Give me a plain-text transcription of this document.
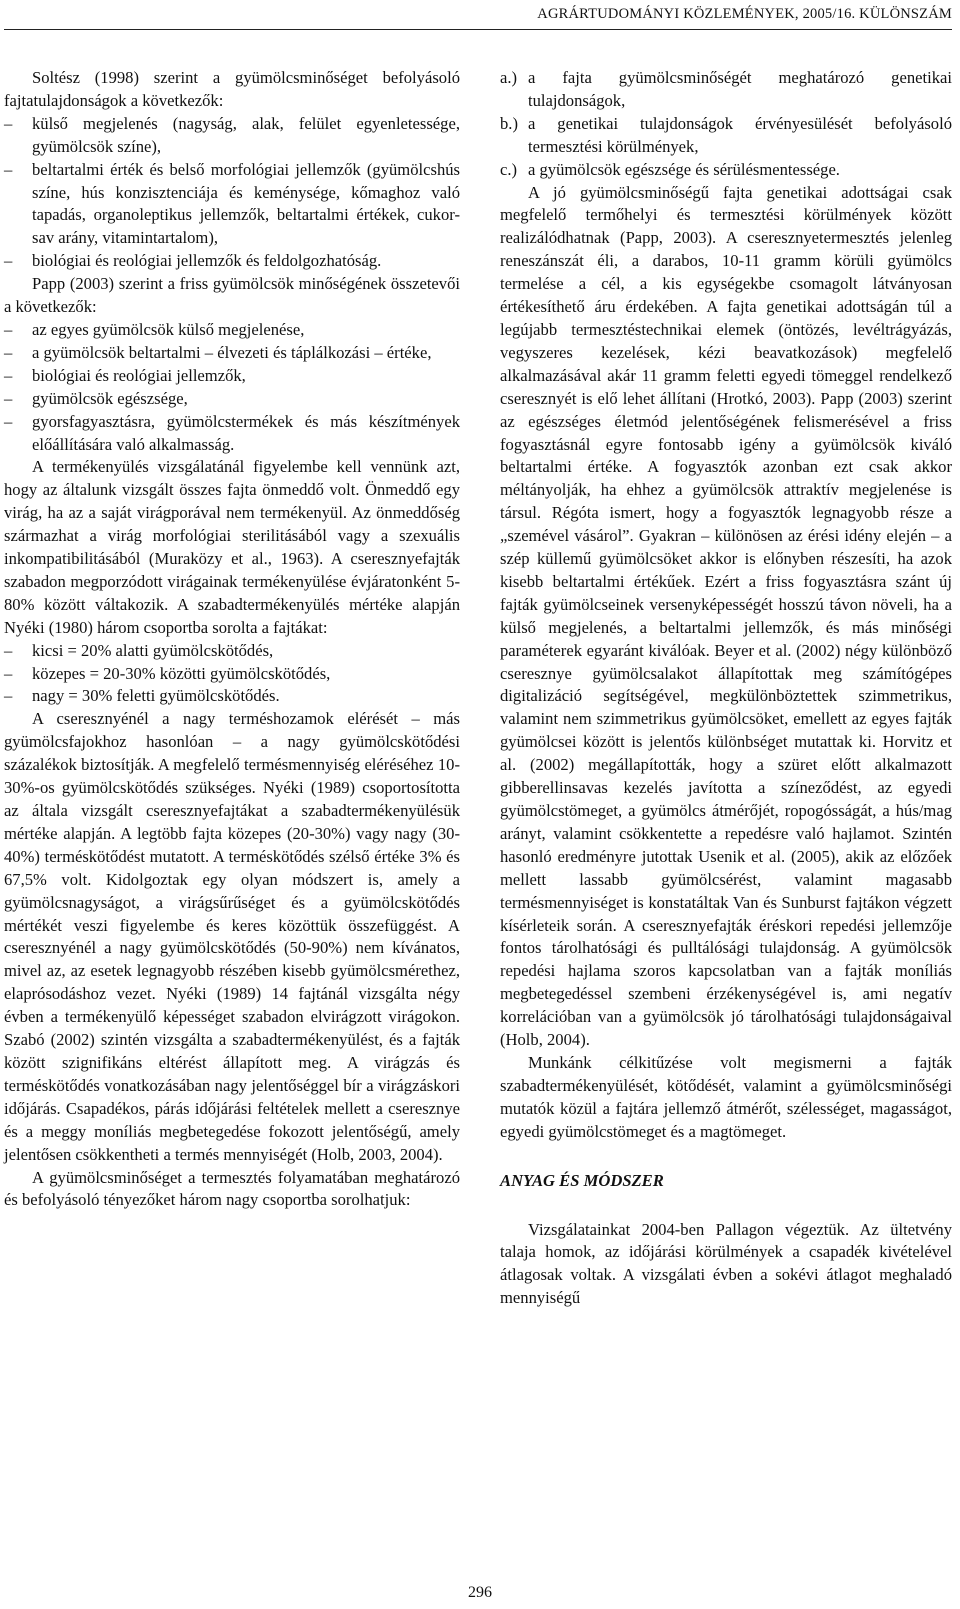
AGRÁRTUDOMÁNYI KÖZLEMÉNYEK, 2005/16. KÜLÖNSZÁM

Soltész (1998) szerint a gyümölcsminőséget befolyásoló fajtatulajdonságok a következők:

– külső megjelenés (nagyság, alak, felület egyenletessége, gyümölcsök színe),
– beltartalmi érték és belső morfológiai jellemzők (gyümölcshús színe, hús konzisztenciája és keménysége, kőmaghoz való tapadás, organoleptikus jellemzők, beltartalmi értékek, cukor-sav arány, vitamintartalom),
– biológiai és reológiai jellemzők és feldolgozhatóság.

Papp (2003) szerint a friss gyümölcsök minőségének összetevői a következők:

– az egyes gyümölcsök külső megjelenése,
– a gyümölcsök beltartalmi – élvezeti és táplálkozási – értéke,
– biológiai és reológiai jellemzők,
– gyümölcsök egészsége,
– gyorsfagyasztásra, gyümölcstermékek és más készítmények előállítására való alkalmasság.

A termékenyülés vizsgálatánál figyelembe kell vennünk azt, hogy az általunk vizsgált összes fajta önmeddő volt. Önmeddő egy virág, ha az a saját virágporával nem termékenyül. Az önmeddőség származhat a virág morfológiai sterilitásából vagy a szexuális inkompatibilitásából (Muraközy et al., 1963). A cseresznyefajták szabadon megporzódott virágainak termékenyülése évjáratonként 5-80% között váltakozik. A szabadtermékenyülés mértéke alapján Nyéki (1980) három csoportba sorolta a fajtákat:

– kicsi = 20% alatti gyümölcskötődés,
– közepes = 20-30% közötti gyümölcskötődés,
– nagy = 30% feletti gyümölcskötődés.

A cseresznyénél a nagy terméshozamok elérését – más gyümölcsfajokhoz hasonlóan – a nagy gyümölcskötődési százalékok biztosítják. A megfelelő termésmennyiség eléréséhez 10-30%-os gyümölcskötődés szükséges. Nyéki (1989) csoportosította az általa vizsgált cseresznyefajtákat a szabadtermékenyülésük mértéke alapján. A legtöbb fajta közepes (20-30%) vagy nagy (30-40%) terméskötődést mutatott. A terméskötődés szélső értéke 3% és 67,5% volt. Kidolgoztak egy olyan módszert is, amely a gyümölcsnagyságot, a virágsűrűséget és a gyümölcskötődés mértékét veszi figyelembe és keres közöttük összefüggést. A cseresznyénél a nagy gyümölcskötődés (50-90%) nem kívánatos, mivel az, az esetek legnagyobb részében kisebb gyümölcsmérethez, elaprósodáshoz vezet. Nyéki (1989) 14 fajtánál vizsgálta négy évben a termékenyülő képességet szabadon elvirágzott virágokon. Szabó (2002) szintén vizsgálta a szabadtermékenyülést, és a fajták között szignifikáns eltérést állapított meg. A virágzás és terméskötődés vonatkozásában nagy jelentőséggel bír a virágzáskori időjárás. Csapadékos, párás időjárási feltételek mellett a cseresznye és a meggy moníliás megbetegedése fokozott jelentőségű, amely jelentősen csökkentheti a termés mennyiségét (Holb, 2003, 2004).

A gyümölcsminőséget a termesztés folyamatában meghatározó és befolyásoló tényezőket három nagy csoportba sorolhatjuk:

a.) a fajta gyümölcsminőségét meghatározó genetikai tulajdonságok,
b.) a genetikai tulajdonságok érvényesülését befolyásoló termesztési körülmények,
c.) a gyümölcsök egészsége és sérülésmentessége.

A jó gyümölcsminőségű fajta genetikai adottságai csak megfelelő termőhelyi és termesztési körülmények között realizálódhatnak (Papp, 2003). A cseresznyetermesztés jelenleg reneszánszát éli, a darabos, 10-11 gramm körüli gyümölcs termelése a cél, a kis egységekbe csomagolt látványosan értékesíthető áru érdekében. A fajta genetikai adottságán túl a legújabb termesztéstechnikai elemek (öntözés, levéltrágyázás, vegyszeres kezelések, kézi beavatkozások) megfelelő alkalmazásával akár 11 gramm feletti egyedi tömeggel rendelkező cseresznyét is elő lehet állítani (Hrotkó, 2003). Papp (2003) szerint az egészséges életmód jelentőségének felismerésével a friss fogyasztásnál egyre fontosabb igény a gyümölcsök kiváló beltartalmi értéke. A fogyasztók azonban ezt csak akkor méltányolják, ha ehhez a gyümölcsök attraktív megjelenése is társul. Régóta ismert, hogy a fogyasztók legnagyobb része a „szemével vásárol”. Gyakran – különösen az érési idény elején – a szép küllemű gyümölcsöket akkor is előnyben részesíti, ha azok kisebb beltartalmi értékűek. Ezért a friss fogyasztásra szánt új fajták gyümölcseinek versenyképességét hosszú távon növeli, ha a külső megjelenés, a beltartalmi jellemzők, és más minőségi paraméterek egyaránt kiválóak. Beyer et al. (2002) négy különböző cseresznye gyümölcsalakot állapítottak meg számítógépes digitalizáció segítségével, megkülönböztettek szimmetrikus, valamint nem szimmetrikus gyümölcsöket, emellett az egyes fajták gyümölcsei között is jelentős különbséget mutattak ki. Horvitz et al. (2002) megállapították, hogy a szüret előtt alkalmazott gibberellinsavas kezelés javította a színeződést, az egyedi gyümölcstömeget, a gyümölcs átmérőjét, ropogósságát, a hús/mag arányt, valamint csökkentette a repedésre való hajlamot. Szintén hasonló eredményre jutottak Usenik et al. (2005), akik az előzőek mellett lassabb gyümölcsérést, valamint magasabb termésmennyiséget is konstatáltak Van és Sunburst fajtákon végzett kísérleteik során. A cseresznyefajták éréskori repedési jellemzője fontos tárolhatósági és pulltálósági tulajdonság. A gyümölcsök repedési hajlama szoros kapcsolatban van a fajták moníliás megbetegedéssel szembeni érzékenységével is, ami negatív korrelációban van a gyümölcsök jó tárolhatósági tulajdonságaival (Holb, 2004).

Munkánk célkitűzése volt megismerni a fajták szabadtermékenyülését, kötődését, valamint a gyümölcsminőségi mutatók közül a fajtára jellemző átmérőt, szélességet, magasságot, egyedi gyümölcstömeget és a magtömeget.

ANYAG ÉS MÓDSZER

Vizsgálatainkat 2004-ben Pallagon végeztük. Az ültetvény talaja homok, az időjárási körülmények a csapadék kivételével átlagosak voltak. A vizsgálati évben a sokévi átlagot meghaladó mennyiségű

296
